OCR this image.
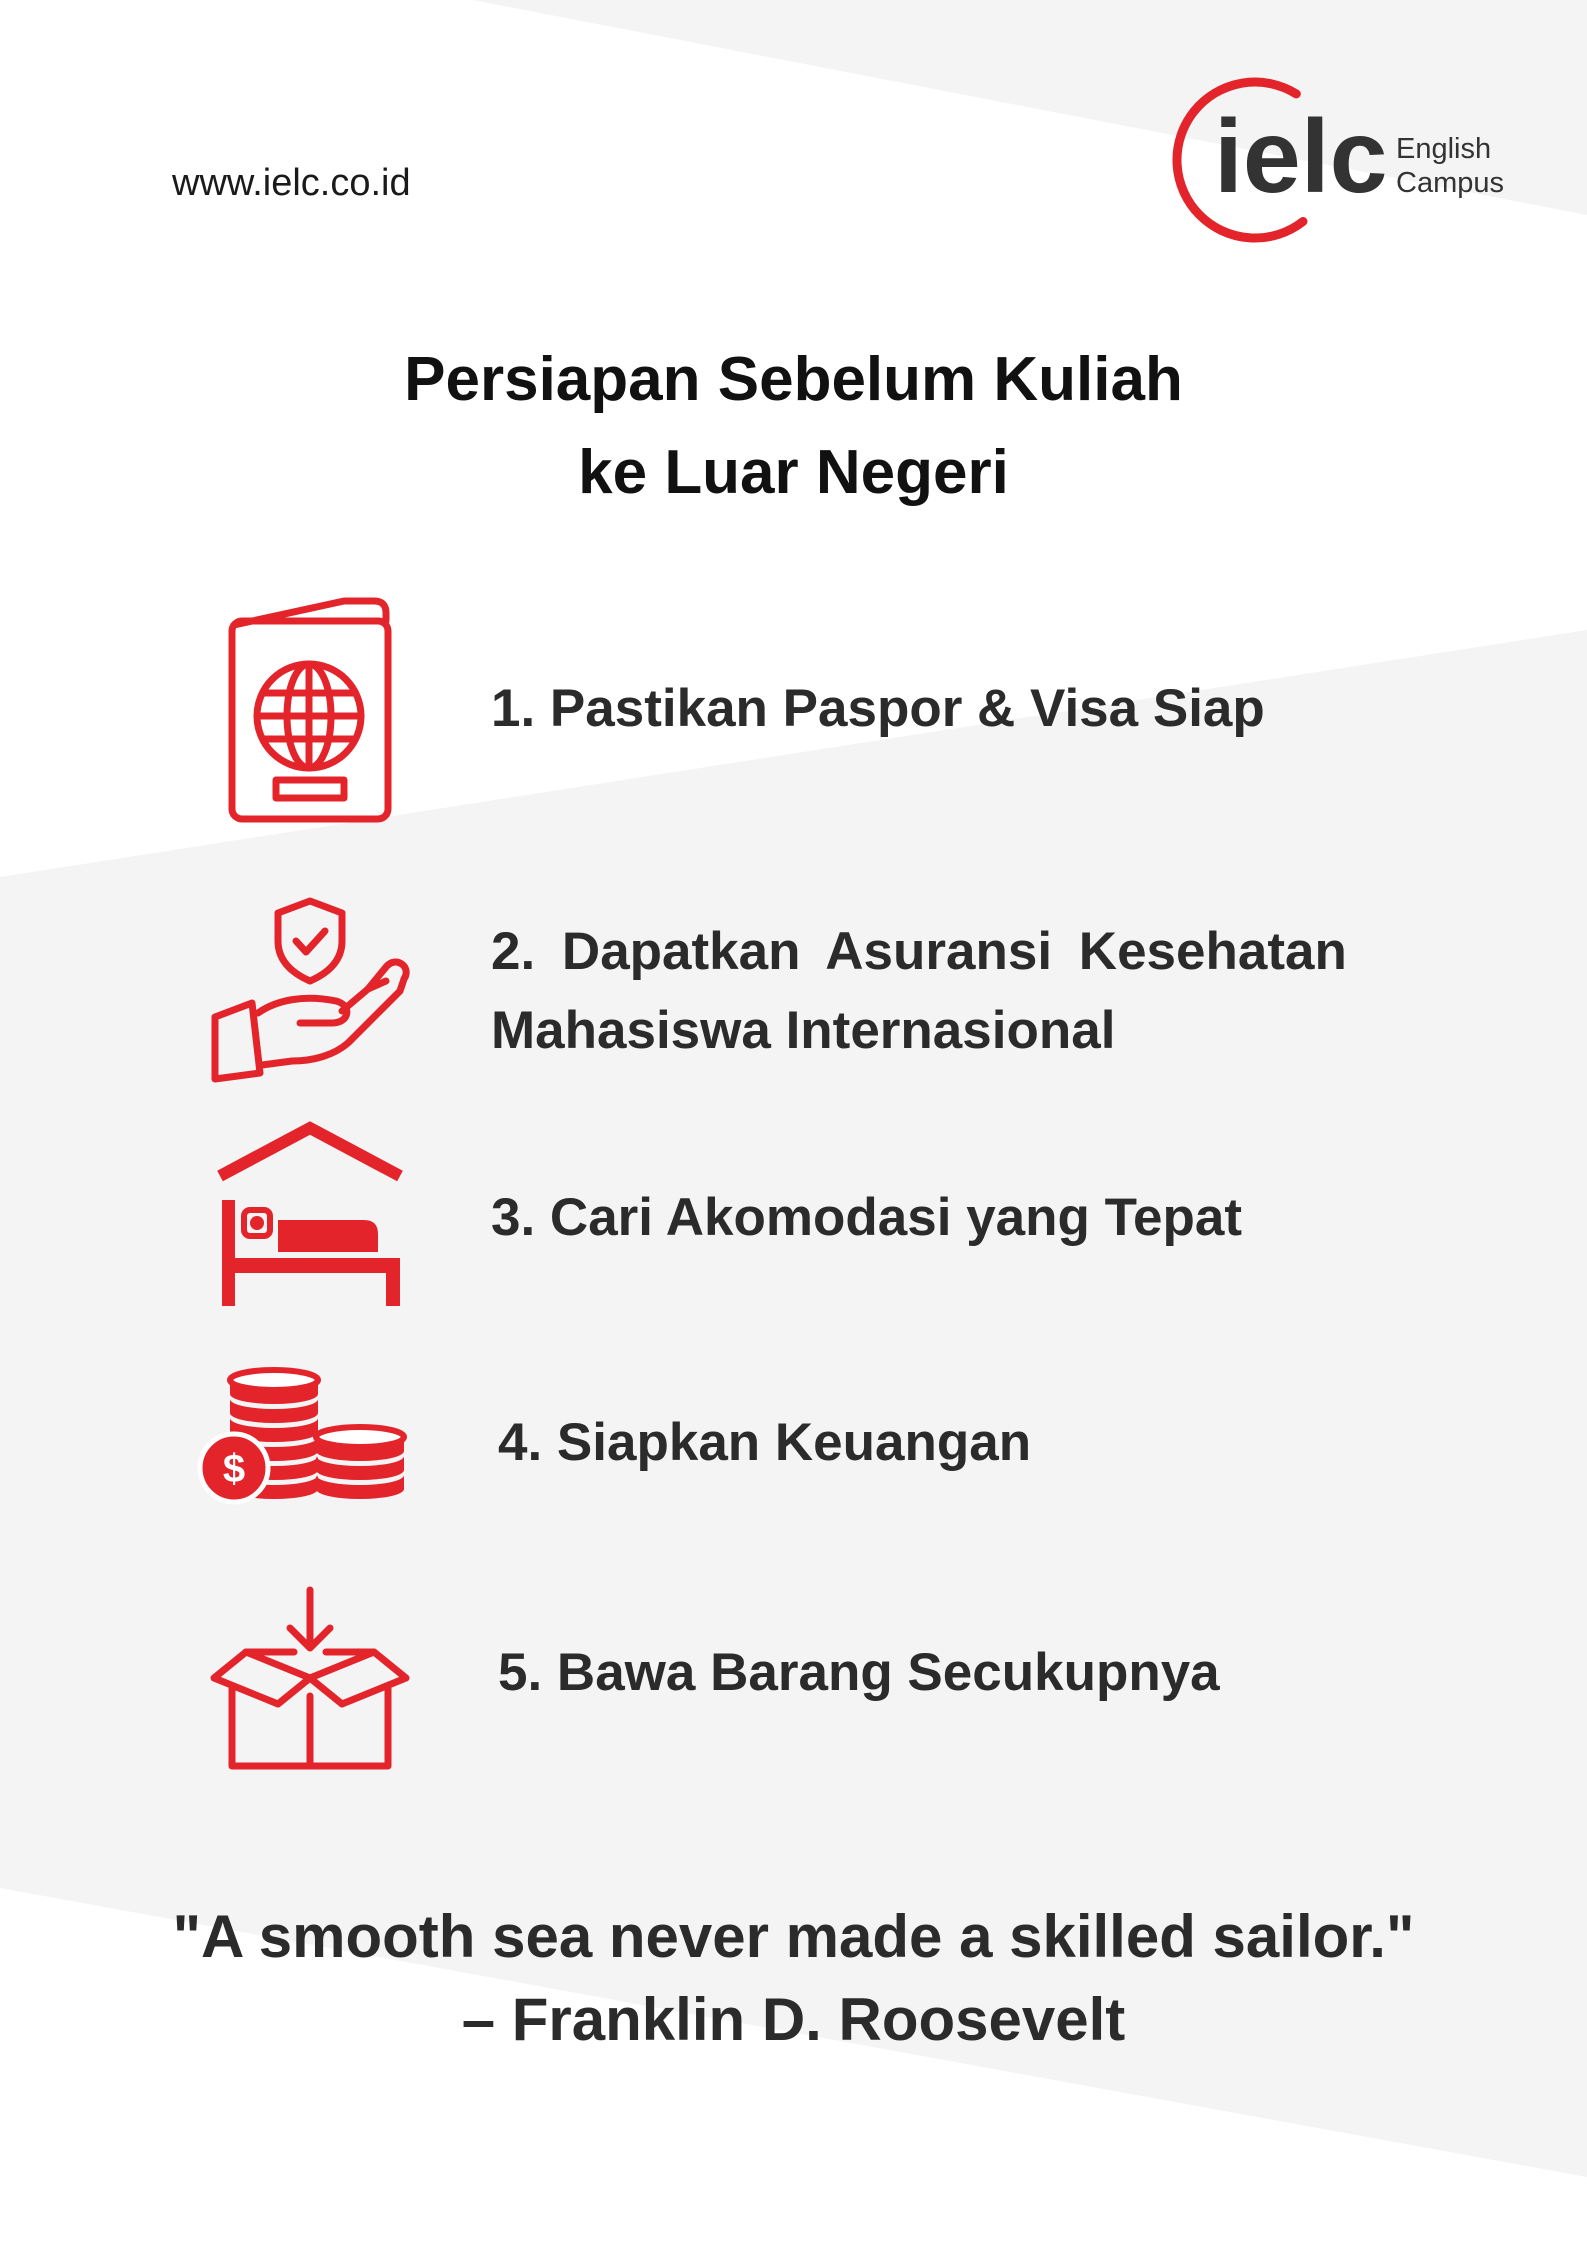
www.ielc.co.id	ielc English
Campus
Persiapan Sebelum Kuliah
ke Luar Negeri
1. Pastikan Paspor & Visa Siap
2. Dapatkan Asuransi Kesehatan
Mahasiswa Internasional
3. Cari Akomodasi yang Tepat
$	4. Siapkan Keuangan
5. Bawa Barang Secukupnya
"A smooth sea never made a skilled sailor."
– Franklin D. Roosevelt
